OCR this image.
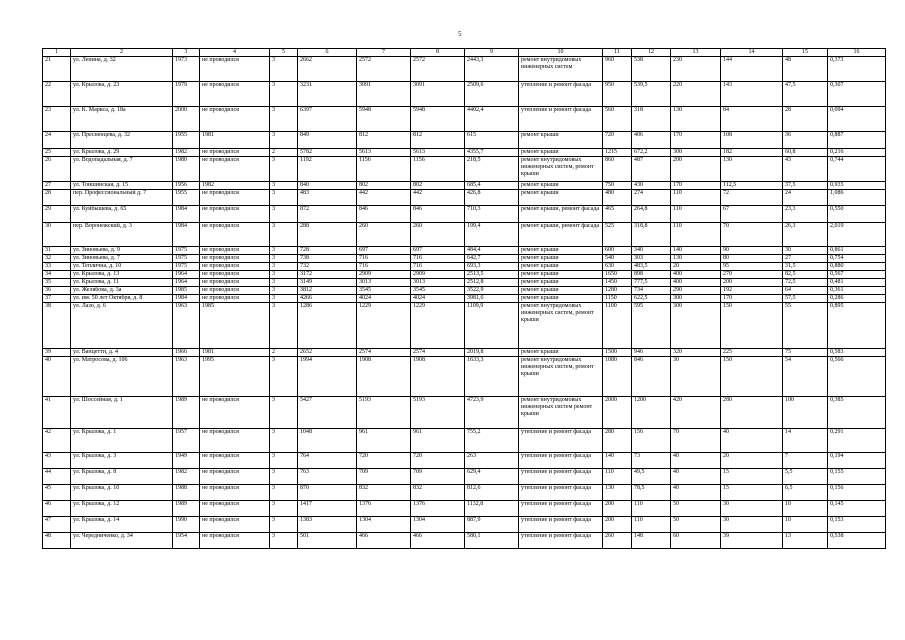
5
1	2	3	4	5	6	7	8	9	10	11	12	13	14	15	16
21	ул. Ленина, д. 32	1973	не проводился	3	2662	2572	2572	2443,3	ремонт внутридомовых инженерных систем	960	538	230	144	48	0,373
22	ул. Крылова, д. 23	1979	не проводился	3	3231	3091	3091	2509,6	утепление и ремонт фасада	950	539,5	220	143	47,5	0,307
23	ул. К. Маркса, д. 18а	2000	не проводился	3	6397	5948	5948	4402,4	утепление и ремонт фасада	560	318	130	84	28	0,094
24	ул. Пресненцева, д. 32	1955	1981	3	849	812	812	615	ремонт крыши	720	406	170	108	36	0,887
25	ул. Крылова, д. 29	1982	не проводился	2	5782	5613	5613	4355,7	ремонт крыши	1215	672,2	300	182	60,8	0,216
26	ул. Водопадальная, д. 7	1980	не проводился	3	1192	1156	1156	218,5	ремонт внутридомовых инженерных систем, ремонт крыши	860	487	200	130	43	0,744
27	ул. Тоншинская, д. 15	1956	1982	3	840	802	802	685,4	ремонт крыши	750	430	170	112,5	37,5	0,935
28	пер. Профессиональный д. 7	1955	не проводился	3	483	442	442	426,8	ремонт крыши	480	274	110	72	24	1,086
29	ул. Куйбышева, д. 65	1984	не проводился	3	872	846	846	710,3	ремонт крыши, ремонт фасада	465	264,8	110	67	23,3	0,550
30	пер. Воронежский, д. 3	1984	не проводился	3	288	260	260	199,4	ремонт крыши, ремонт фасада	525	318,8	110	70	26,3	2,019
31	ул. Зиновьева, д. 9	1975	не проводился	3	728	697	697	484,4	ремонт крыши	600	340	140	90	30	0,861
32	ул. Зиновьева, д. 7	1975	не проводился	3	738	716	716	642,7	ремонт крыши	540	303	130	80	27	0,754
33	ул. Теплична, д. 10	1975	не проводился	3	732	716	716	693,3	ремонт крыши	630	483,5	20	95	31,5	0,880
34	ул. Крылова, д. 13	1964	не проводился	3	3172	2909	2909	2513,5	ремонт крыши	1650	898	400	270	82,5	0,567
35	ул. Крылова, д. 11	1964	не проводился	3	3149	3013	3013	2512,8	ремонт крыши	1450	777,5	400	200	72,5	0,481
36	ул. Желябова, д. 3а	1985	не проводился	3	3812	3545	3545	3522,9	ремонт крыши	1280	734	290	192	64	0,361
37	ул. им. 50 лет Октября, д. 8	1984	не проводился	3	4266	4024	4024	3981,6	ремонт крыши	1150	622,5	300	170	57,5	0,286
38	ул. Лазо, д. 6	1963	1985	3	1286	1229	1229	1109,9	ремонт внутридомовых инженерных систем, ремонт крыши	1100	595	300	150	55	0,895
39	ул. Ванцетти, д. 4	1966	1981	2	2652	2574	2574	2019,8	ремонт крыши	1500	946	320	225	75	0,583
40	ул. Матросова, д. 106	1963	1995	3	1994	1908	1908	1633,3	ремонт внутридомовых инженерных систем, ремонт крыши	1080	846	30	150	54	0,566
41	ул. Шоссейная, д. 1	1989	не проводился	3	5427	5193	5193	4723,9	ремонт внутридомовых инженерных систем ремонт крыши	2000	1200	420	280	100	0,385
42	ул. Крылова, д. 1	1957	не проводился	3	1048	961	961	755,2	утепление и ремонт фасада	280	156	70	40	14	0,291
43	ул. Крылова, д. 3	1949	не проводился	3	764	720	720	263	утепление и ремонт фасада	140	73	40	20	7	0,194
44	ул. Крылова, д. 8	1982	не проводился	3	763	709	709	629,4	утепление и ремонт фасада	110	49,5	40	15	5,5	0,155
45	ул. Крылова, д. 10	1988	не проводился	3	870	832	832	812,6	утепление и ремонт фасада	130	78,5	40	15	6,5	0,156
46	ул. Крылова, д. 12	1989	не проводился	3	1417	1376	1376	1132,8	утепление и ремонт фасада	200	110	50	30	10	0,145
47	ул. Крылова, д. 14	1990	не проводился	3	1383	1304	1304	887,9	утепление и ремонт фасада	200	110	50	30	10	0,153
48	ул. Чередниченко, д. 34	1954	не проводился	3	501	466	466	580,1	утепление и ремонт фасада	260	148	60	39	13	0,538
